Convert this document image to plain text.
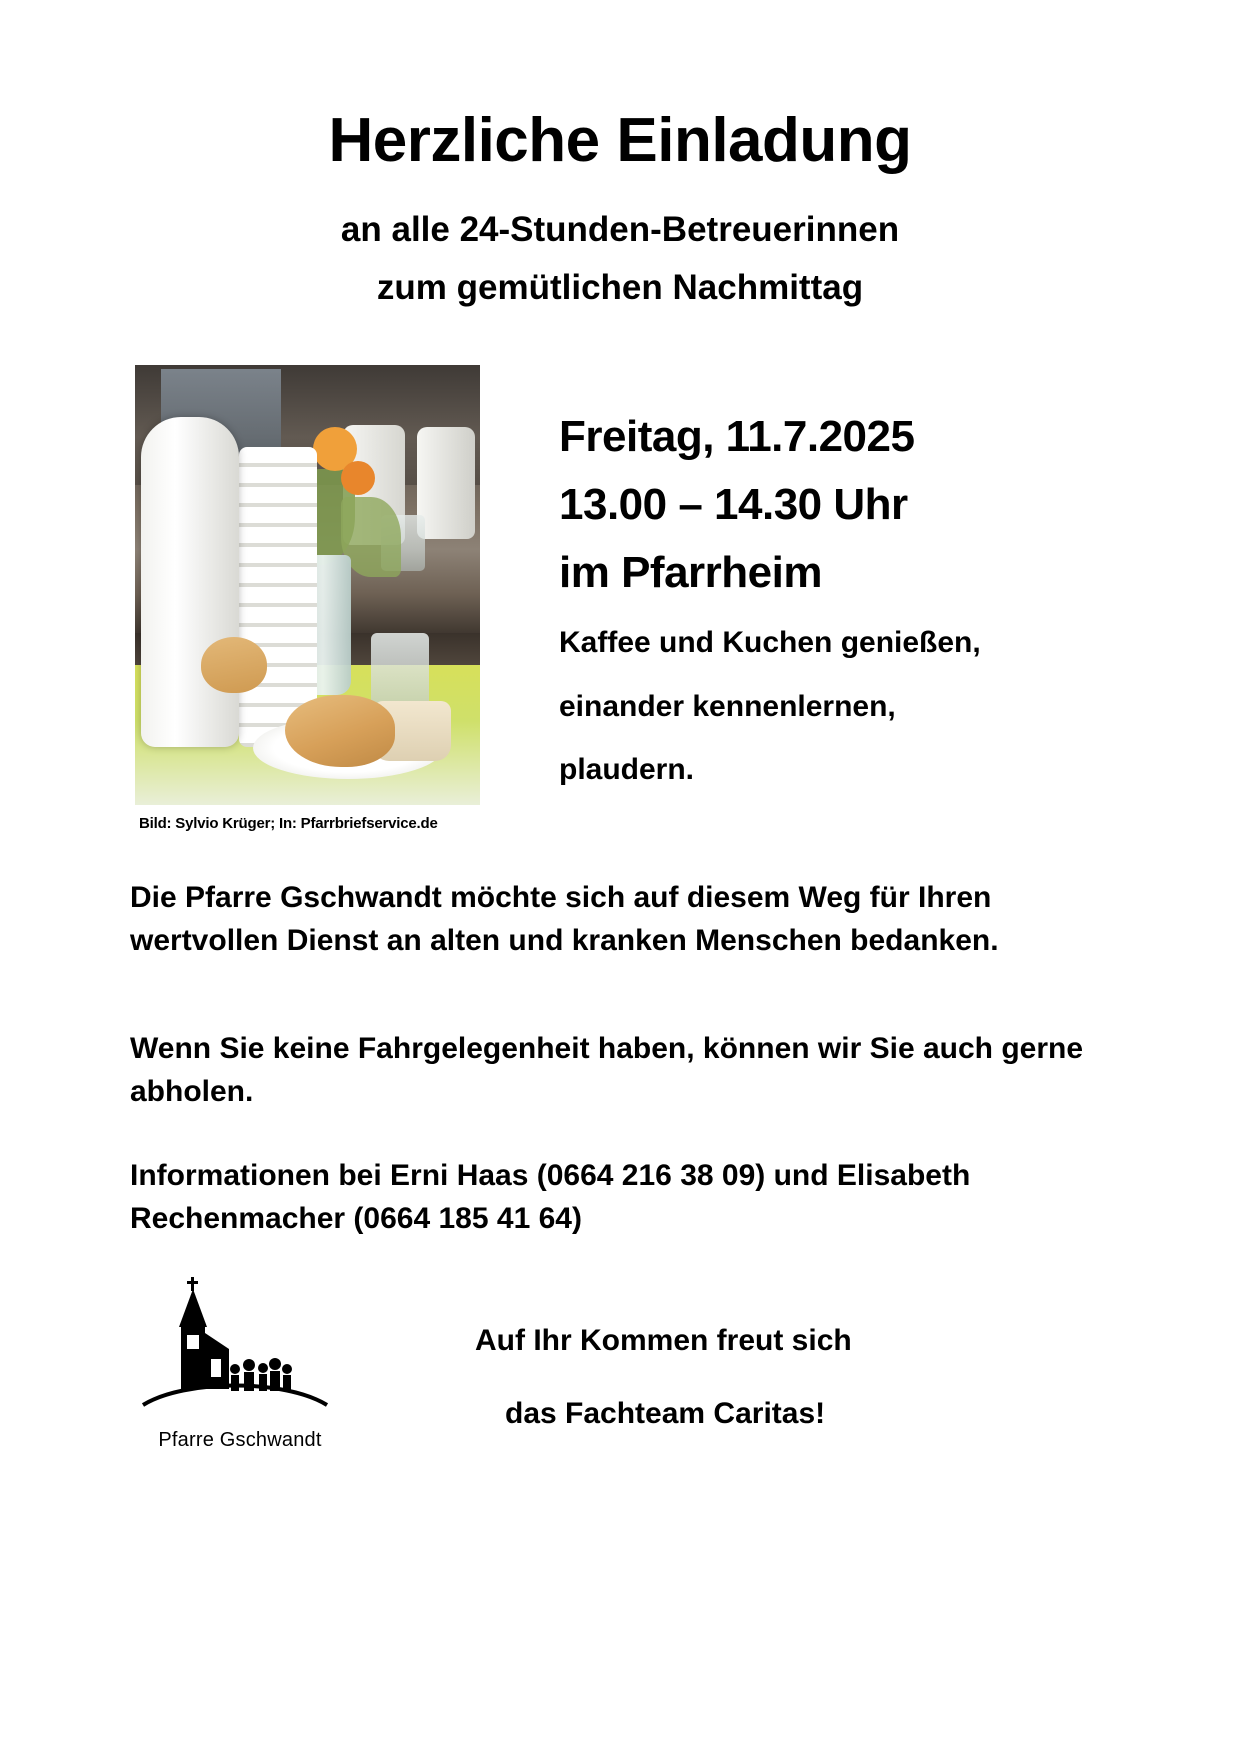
Herzliche Einladung
an alle 24-Stunden-Betreuerinnen
zum gemütlichen Nachmittag
Bild: Sylvio Krüger; In: Pfarrbriefservice.de

Freitag, 11.7.2025

13.00 – 14.30 Uhr

im Pfarrheim

Kaffee und Kuchen genießen,

einander kennenlernen,

plaudern.

Die Pfarre Gschwandt möchte sich auf diesem Weg für Ihren wertvollen Dienst an alten und kranken Menschen bedanken.

Wenn Sie keine Fahrgelegenheit haben, können wir Sie auch gerne abholen.

Informationen bei Erni Haas (0664 216 38 09) und Elisabeth Rechenmacher (0664 185 41 64)

Pfarre Gschwandt

Auf Ihr Kommen freut sich

das Fachteam Caritas!
